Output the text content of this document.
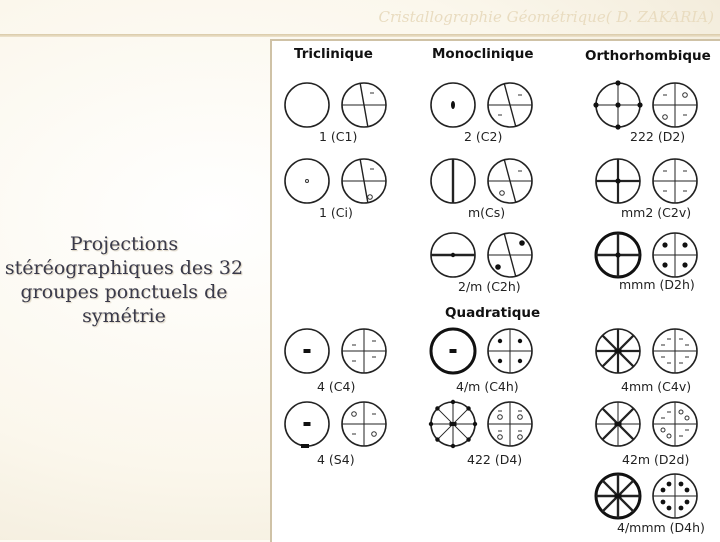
Cristallographie Géométrique( D. ZAKARIA)
Projections
stéréographiques des 32
groupes ponctuels de
symétrie
Triclinique	Monoclinique	Orthorhombique
Quadratique
1 (C1)
1 (Ci)
2 (C2)
m(Cs)
2/m (C2h)
222 (D2)
mm2 (C2v)
mmm (D2h)
4 (C4)
4 (S4)
4/m (C4h)
422 (D4)
4mm (C4v)
42m (D2d)
4/mmm (D4h)
